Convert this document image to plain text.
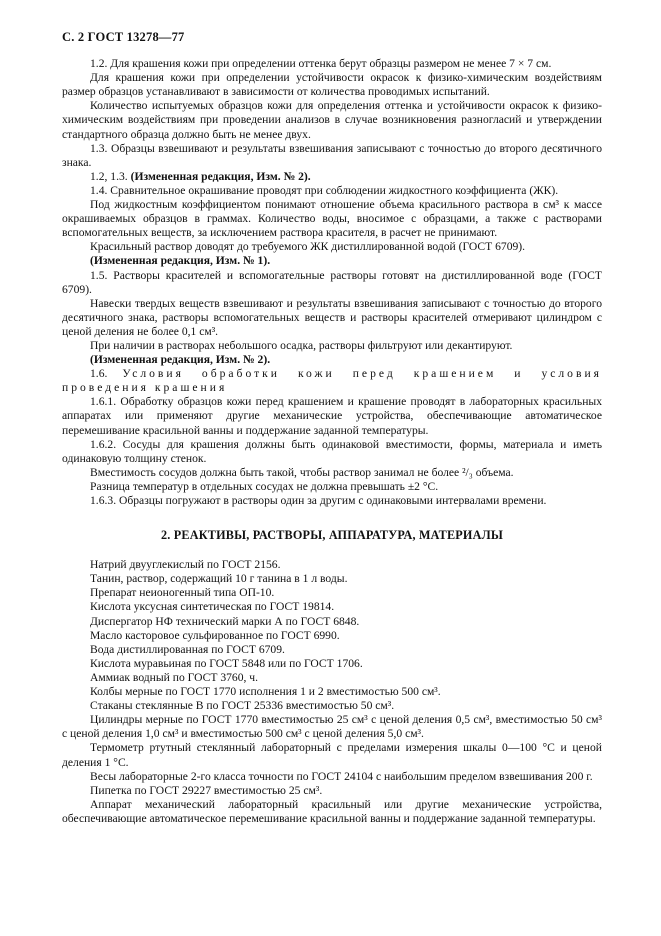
С. 2 ГОСТ 13278—77

1.2. Для крашения кожи при определении оттенка берут образцы размером не менее 7 × 7 см.

Для крашения кожи при определении устойчивости окрасок к физико-химическим воздействиям размер образцов устанавливают в зависимости от количества проводимых испытаний.

Количество испытуемых образцов кожи для определения оттенка и устойчивости окрасок к физико-химическим воздействиям при проведении анализов в случае возникновения разногласий и утверждении стандартного образца должно быть не менее двух.

1.3. Образцы взвешивают и результаты взвешивания записывают с точностью до второго десятичного знака.

1.2, 1.3. (Измененная редакция, Изм. № 2).

1.4. Сравнительное окрашивание проводят при соблюдении жидкостного коэффициента (ЖК).

Под жидкостным коэффициентом понимают отношение объема красильного раствора в см³ к массе окрашиваемых образцов в граммах. Количество воды, вносимое с образцами, а также с растворами вспомогательных веществ, за исключением раствора красителя, в расчет не принимают.

Красильный раствор доводят до требуемого ЖК дистиллированной водой (ГОСТ 6709).

(Измененная редакция, Изм. № 1).

1.5. Растворы красителей и вспомогательные растворы готовят на дистиллированной воде (ГОСТ 6709).

Навески твердых веществ взвешивают и результаты взвешивания записывают с точностью до второго десятичного знака, растворы вспомогательных веществ и растворы красителей отмеривают цилиндром с ценой деления не более 0,1 см³.

При наличии в растворах небольшого осадка, растворы фильтруют или декантируют.

(Измененная редакция, Изм. № 2).

1.6. Условия обработки кожи перед крашением и условия проведения крашения

1.6.1. Обработку образцов кожи перед крашением и крашение проводят в лабораторных красильных аппаратах или применяют другие механические устройства, обеспечивающие автоматическое перемешивание красильной ванны и поддержание заданной температуры.

1.6.2. Сосуды для крашения должны быть одинаковой вместимости, формы, материала и иметь одинаковую толщину стенок.

Вместимость сосудов должна быть такой, чтобы раствор занимал не более ²/₃ объема.

Разница температур в отдельных сосудах не должна превышать ±2 °С.

1.6.3. Образцы погружают в растворы один за другим с одинаковыми интервалами времени.

2. РЕАКТИВЫ, РАСТВОРЫ, АППАРАТУРА, МАТЕРИАЛЫ

Натрий двууглекислый по ГОСТ 2156.

Танин, раствор, содержащий 10 г танина в 1 л воды.

Препарат неионогенный типа ОП-10.

Кислота уксусная синтетическая по ГОСТ 19814.

Диспергатор НФ технический марки А по ГОСТ 6848.

Масло касторовое сульфированное по ГОСТ 6990.

Вода дистиллированная по ГОСТ 6709.

Кислота муравьиная по ГОСТ 5848 или по ГОСТ 1706.

Аммиак водный по ГОСТ 3760, ч.

Колбы мерные по ГОСТ 1770 исполнения 1 и 2 вместимостью 500 см³.

Стаканы стеклянные В по ГОСТ 25336 вместимостью 50 см³.

Цилиндры мерные по ГОСТ 1770 вместимостью 25 см³ с ценой деления 0,5 см³, вместимостью 50 см³ с ценой деления 1,0 см³ и вместимостью 500 см³ с ценой деления 5,0 см³.

Термометр ртутный стеклянный лабораторный с пределами измерения шкалы 0—100 °С и ценой деления 1 °С.

Весы лабораторные 2-го класса точности по ГОСТ 24104 с наибольшим пределом взвешивания 200 г.

Пипетка по ГОСТ 29227 вместимостью 25 см³.

Аппарат механический лабораторный красильный или другие механические устройства, обеспечивающие автоматическое перемешивание красильной ванны и поддержание заданной температуры.
